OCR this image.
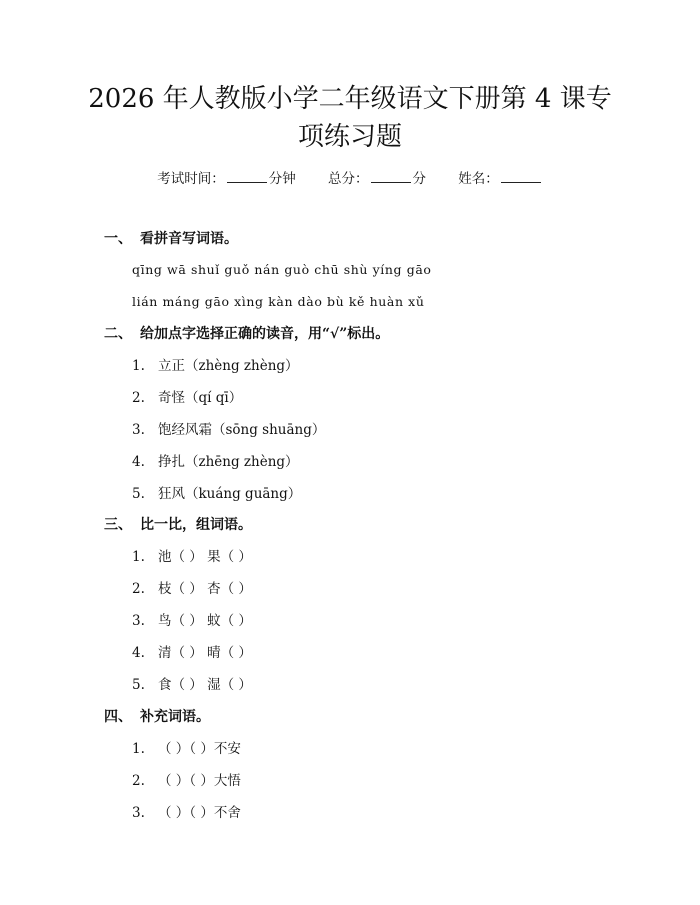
2026 年人教版小学二年级语文下册第 4 课专
项练习题
考试时间：	分钟 总分：	分 姓名：
一、 看拼音写词语。
qīng wā shuǐ guǒ nán guò chū shù yíng gāo
lián máng gāo xìng kàn dào bù kě huàn xǔ
二、 给加点字选择正确的读音，用“√”标出。
1. 立正（zhèng zhèng）
2. 奇怪（qí qī）
3. 饱经风霜（sōng shuāng）
4. 挣扎（zhēng zhèng）
5. 狂风（kuáng guāng）
三、 比一比，组词语。
1. 池（ ） 果（ ）
2. 枝（ ） 杏（ ）
3. 鸟（ ） 蚊（ ）
4. 清（ ） 晴（ ）
5. 食（ ） 湿（ ）
四、 补充词语。
1. （ ）（ ）不安
2. （ ）（ ）大悟
3. （ ）（ ）不舍
